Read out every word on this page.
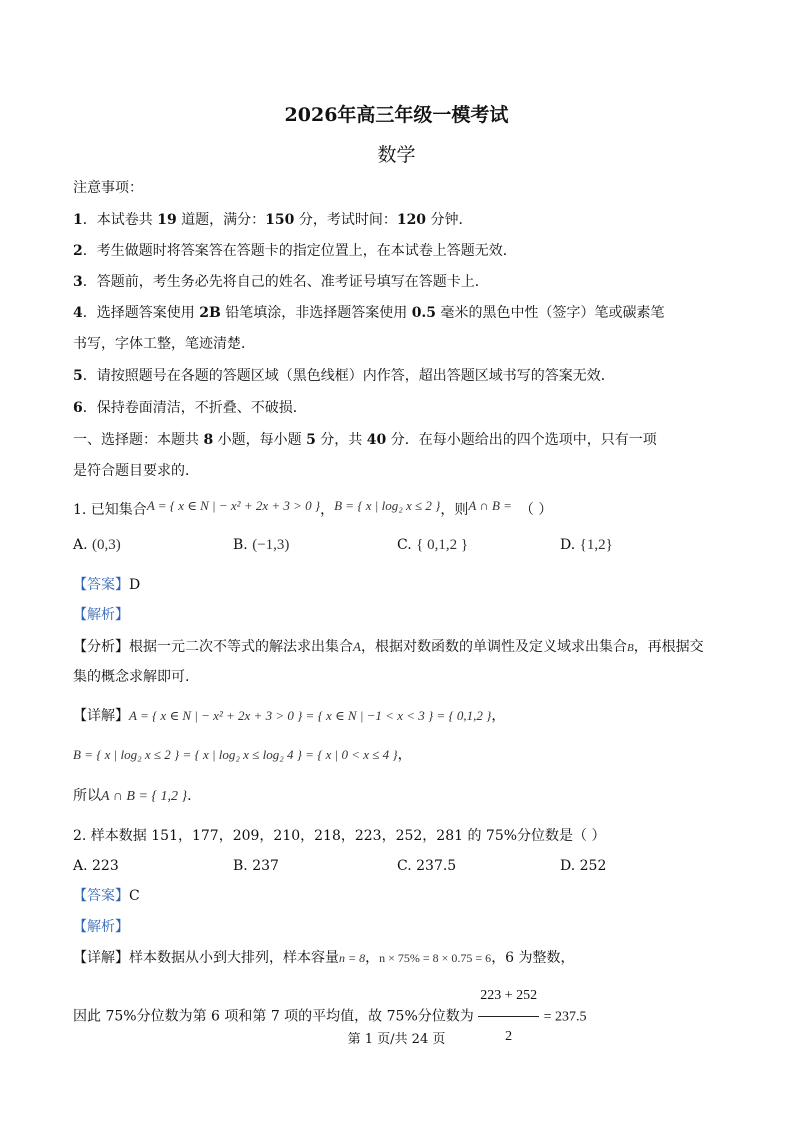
2026年高三年级一模考试
数学
注意事项：
1．本试卷共 19 道题，满分：150 分，考试时间：120 分钟．
2．考生做题时将答案答在答题卡的指定位置上，在本试卷上答题无效．
3．答题前，考生务必先将自己的姓名、准考证号填写在答题卡上．
4．选择题答案使用 2B 铅笔填涂，非选择题答案使用 0.5 毫米的黑色中性（签字）笔或碳素笔
书写，字体工整，笔迹清楚．
5．请按照题号在各题的答题区域（黑色线框）内作答，超出答题区域书写的答案无效．
6．保持卷面清洁，不折叠、不破损．
一、选择题：本题共 8 小题，每小题 5 分，共 40 分．在每小题给出的四个选项中，只有一项
是符合题目要求的．
1. 已知集合A = { x ∈ N | − x² + 2x + 3 > 0 }，B = { x | log₂ x ≤ 2 }，则A ∩ B = （ ）
A. (0,3)	B. (−1,3)	C. { 0,1,2 }	D. {1,2}
【答案】D
【解析】
【分析】根据一元二次不等式的解法求出集合A，根据对数函数的单调性及定义域求出集合B，再根据交
集的概念求解即可.
【详解】A = { x ∈ N | − x² + 2x + 3 > 0 } = { x ∈ N | −1 < x < 3 } = { 0,1,2 }，
B = { x | log₂ x ≤ 2 } = { x | log₂ x ≤ log₂ 4 } = { x | 0 < x ≤ 4 }，
所以A ∩ B = { 1,2 }.
2. 样本数据 151，177，209，210，218，223，252，281 的 75%分位数是（ ）
A. 223	B. 237	C. 237.5	D. 252
【答案】C
【解析】
【详解】样本数据从小到大排列，样本容量n = 8，n × 75% = 8 × 0.75 = 6，6 为整数，
因此 75%分位数为第 6 项和第 7 项的平均值，故 75%分位数为 $\frac{223 + 252}{2} = 237.5$
第 1 页/共 24 页
